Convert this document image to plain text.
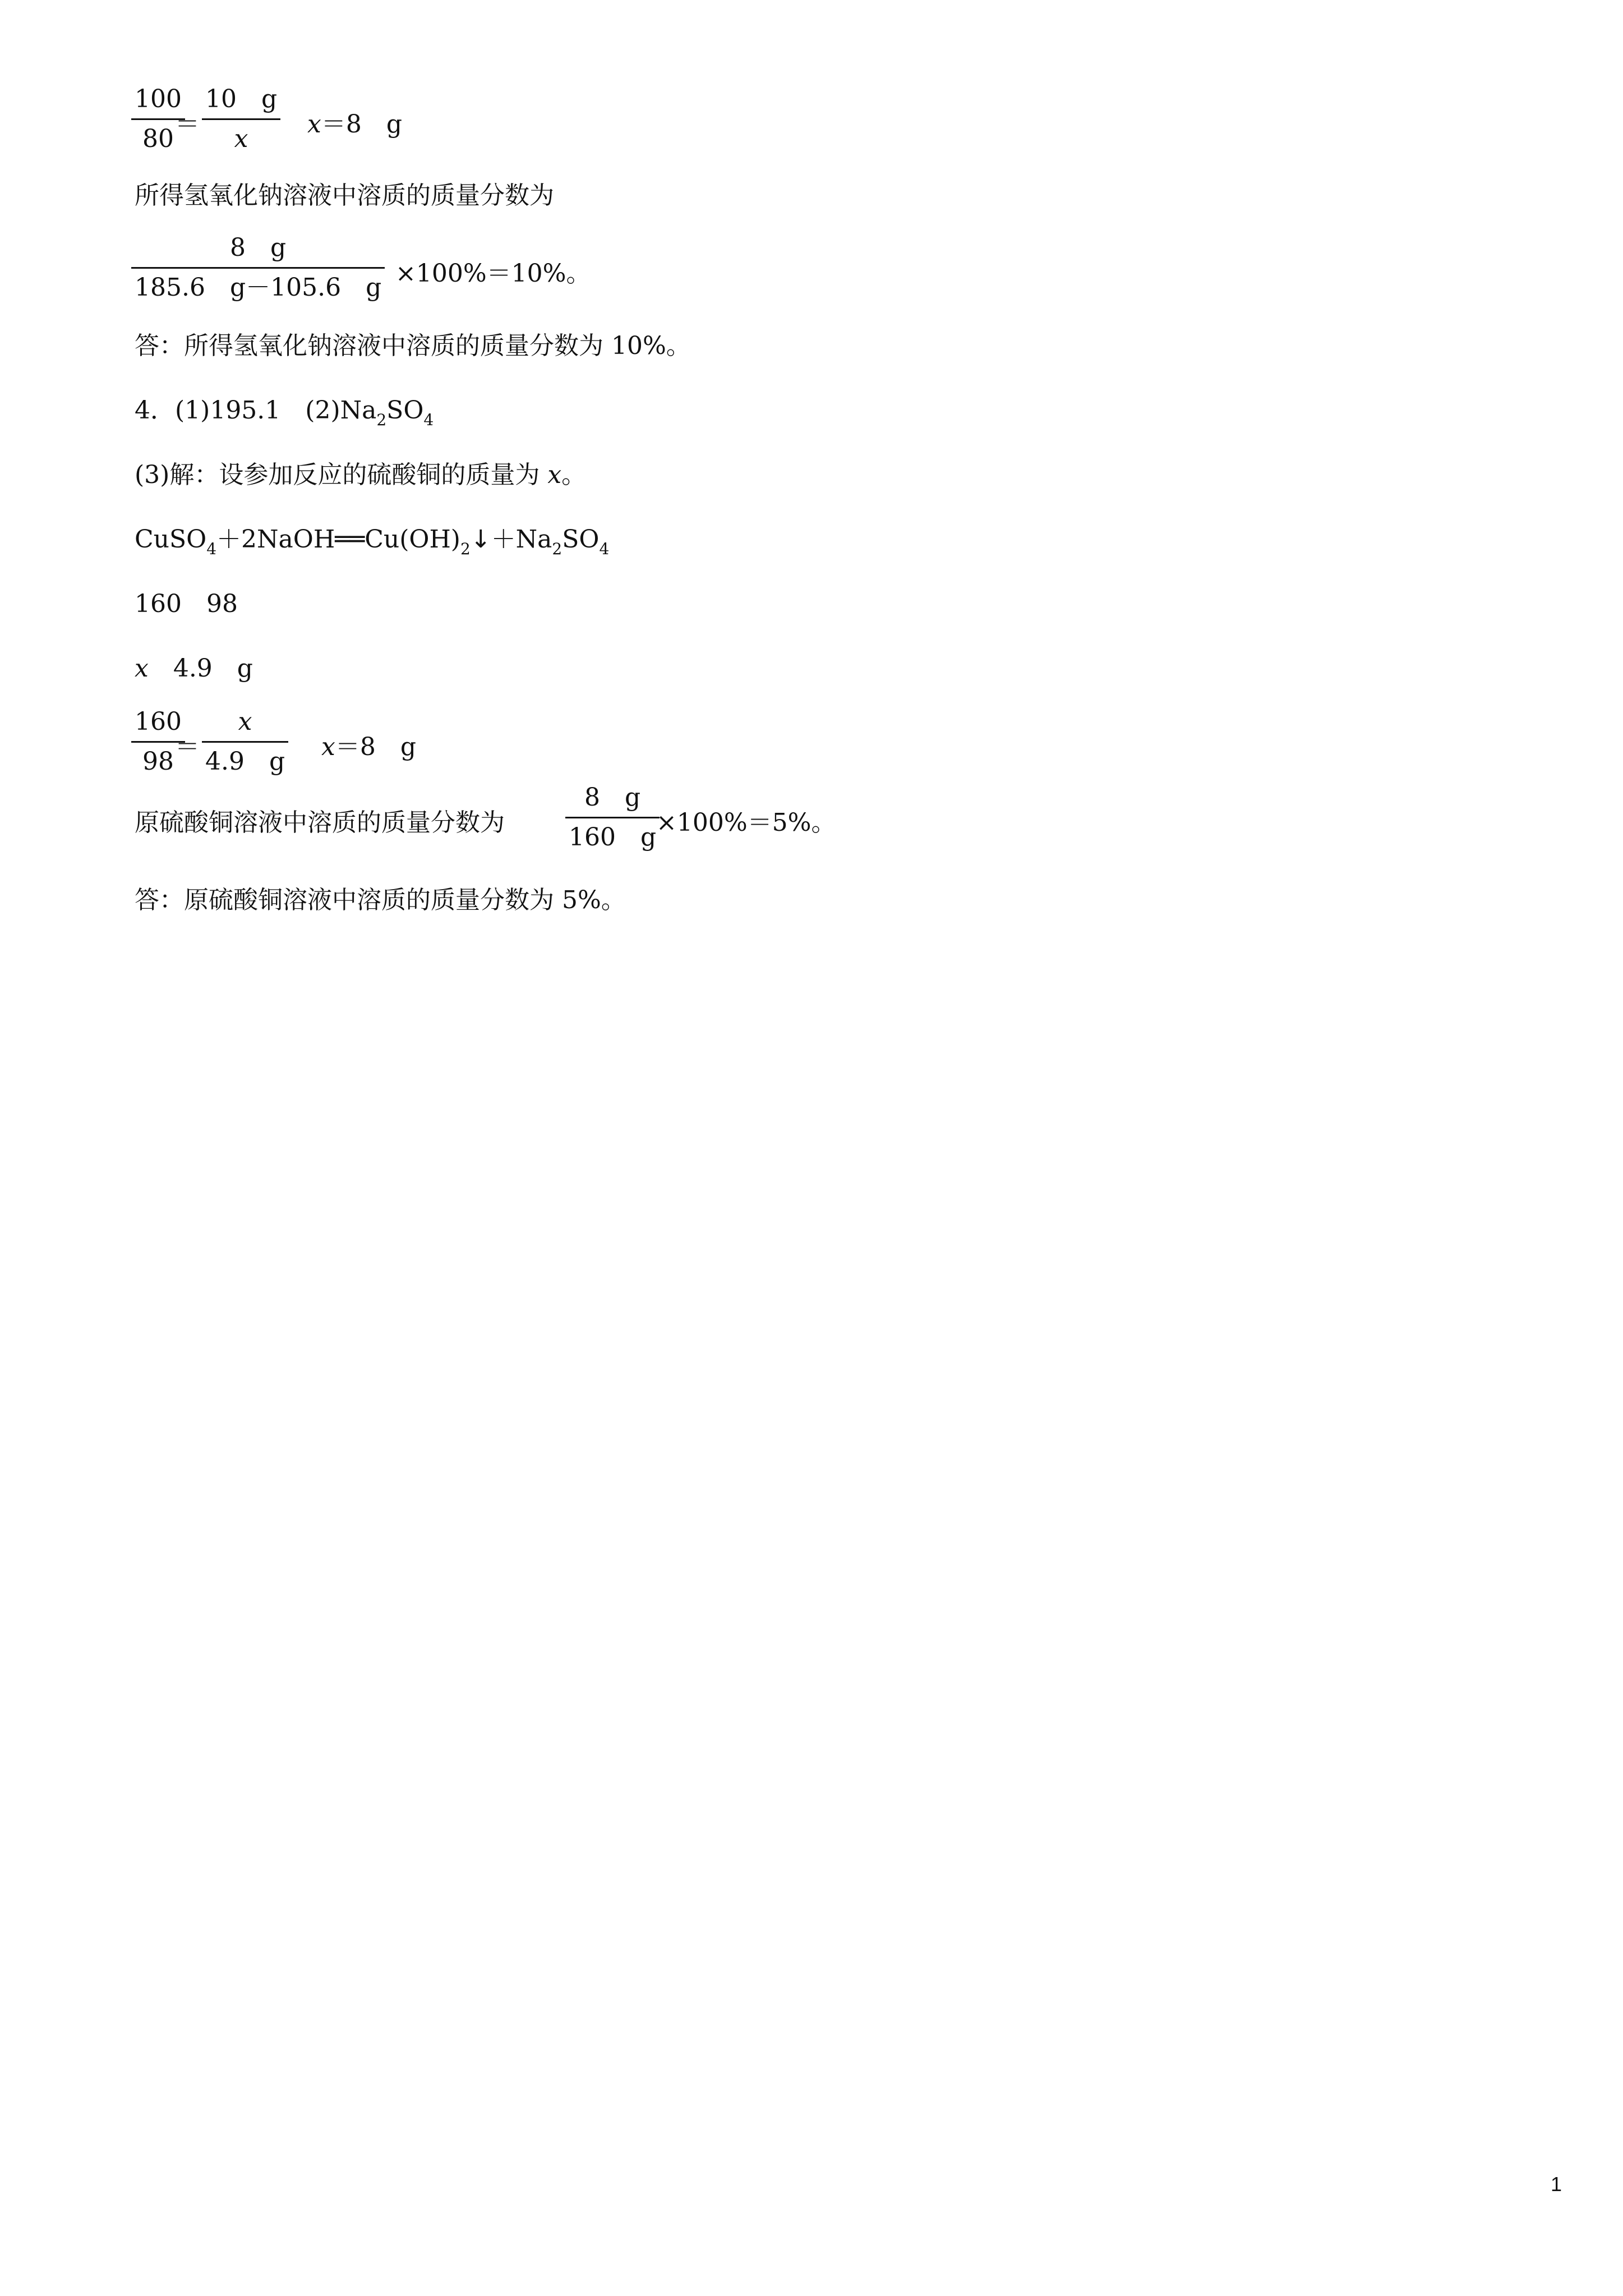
100
80
＝
10　g
x
x＝8　g
所得氢氧化钠溶液中溶质的质量分数为
8　g
185.6　g－105.6　g ×100%＝10%。
答：所得氢氧化钠溶液中溶质的质量分数为 10%。
4．(1)195.1　$(2)Na_2SO_4$
(3)解：设参加反应的硫酸铜的质量为 x。
$CuSO_4+2NaOH══Cu(OH)_2↓+Na_2SO_4$
160　98
x　4.9　g
160
98
＝
x
4.9　g
x＝8　g
原硫酸铜溶液中溶质的质量分数为
8　g
160　g
×100%＝5%。
答：原硫酸铜溶液中溶质的质量分数为 5%。
1
